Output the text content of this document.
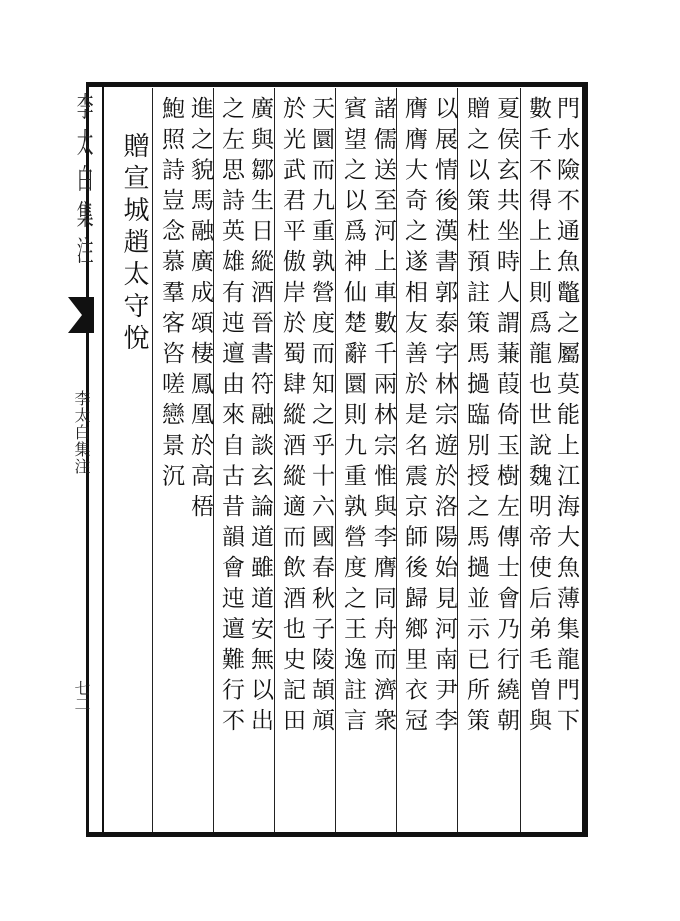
李太白集注
李太白集注
七二
贈宣城趙太守悅	門水險不通魚鼈之屬莫能上江海大魚薄集龍門下
數千不得上上則爲龍也世說魏明帝使后弟毛曽與
夏侯玄共坐時人謂蒹葭倚玉樹左傳士會乃行繞朝
贈之以策杜預註策馬撾臨別授之馬撾並示已所策
以展情後漢書郭泰字林宗遊於洛陽始見河南尹李
膺膺大奇之遂相友善於是名震京師後歸鄉里衣冠
諸儒送至河上車數千兩林宗惟與李膺同舟而濟衆
賓望之以爲神仙楚辭圜則九重孰營度之王逸註言
天圜而九重孰營度而知之乎十六國春秋子陵頡頏
於光武君平傲岸於蜀肆縱酒縱適而飲酒也史記田
廣與鄒生日縱酒晉書符融談玄論道雖道安無以出
之左思詩英雄有迍邅由來自古昔韻會迍邅難行不
進之貌馬融廣成頌棲鳳凰於高梧
鮑照詩豈念慕羣客咨嗟戀景沉
